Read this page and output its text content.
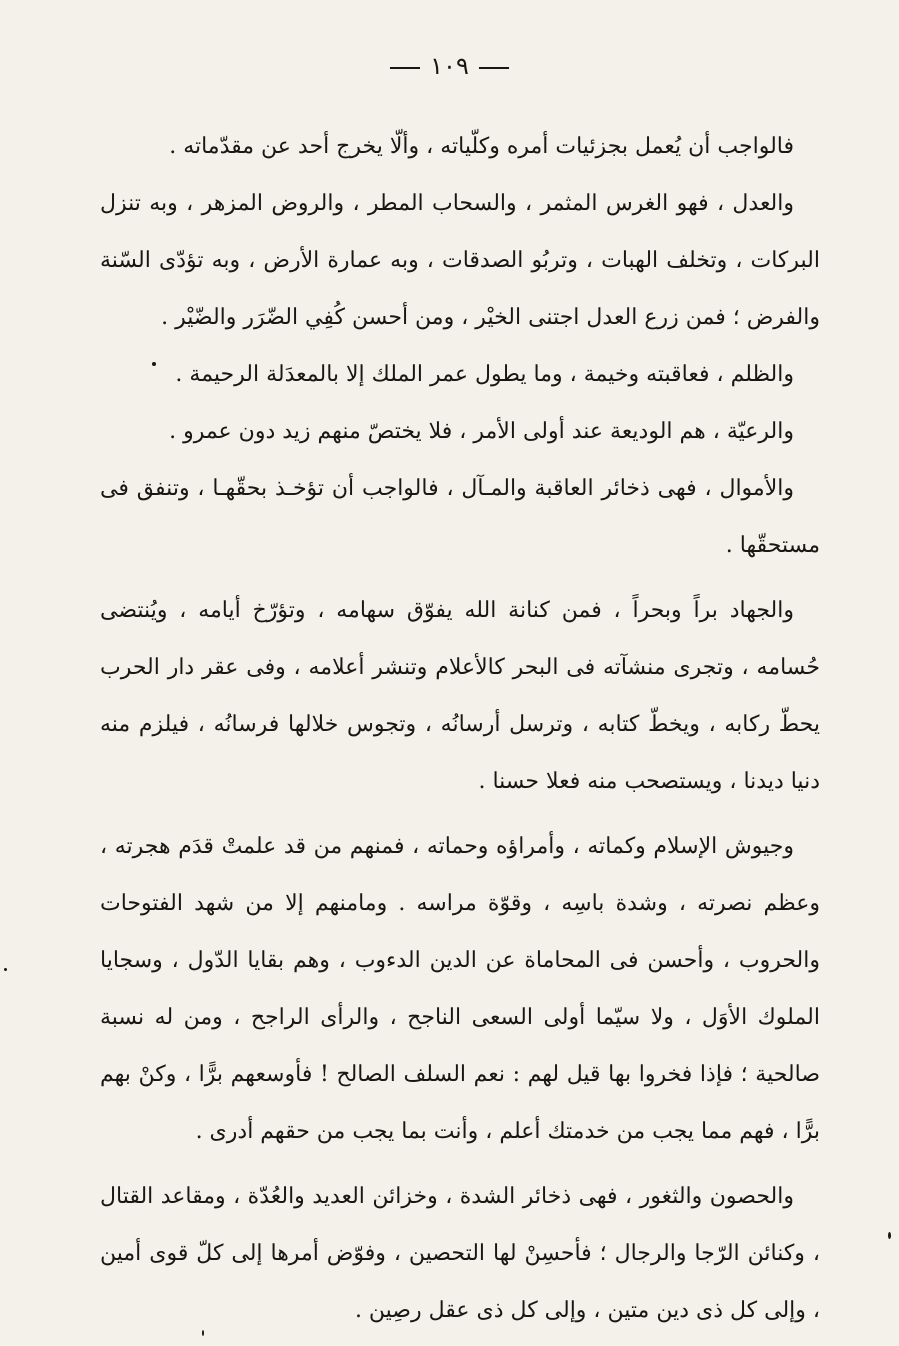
١٠٩

فالواجب أن يُعمل بجزئيات أمره وكلّياته ، وألّا يخرج أحد عن مقدّماته .

والعدل ، فهو الغرس المثمر ، والسحاب المطر ، والروض المزهر ، وبه تنزل البركات ، وتخلف الهبات ، وتربُو الصدقات ، وبه عمارة الأرض ، وبه تؤدّى السّنة والفرض ؛ فمن زرع العدل اجتنى الخيْر ، ومن أحسن كُفِي الضّرَر والضّيْر .

والظلم ، فعاقبته وخيمة ، وما يطول عمر الملك إلا بالمعدَلة الرحيمة .

والرعيّة ، هم الوديعة عند أولى الأمر ، فلا يختصّ منهم زيد دون عمرو .

والأموال ، فهى ذخائر العاقبة والمـآل ، فالواجب أن تؤخـذ بحقّهـا ، وتنفق فى مستحقّها .

والجهاد براً وبحراً ، فمن كنانة الله يفوّق سهامه ، وتؤرّخ أيامه ، ويُنتضى حُسامه ، وتجرى منشآته فى البحر كالأعلام وتنشر أعلامه ، وفى عقر دار الحرب يحطّ ركابه ، ويخطّ كتابه ، وترسل أرسانُه ، وتجوس خلالها فرسانُه ، فيلزم منه دنيا ديدنا ، ويستصحب منه فعلا حسنا .

وجيوش الإسلام وكماته ، وأمراؤه وحماته ، فمنهم من قد علمتْ قدَم هجرته ، وعظم نصرته ، وشدة باسِه ، وقوّة مراسه . ومامنهم إلا من شهد الفتوحات والحروب ، وأحسن فى المحاماة عن الدين الدءوب ، وهم بقايا الدّول ، وسجايا الملوك الأوَل ، ولا سيّما أولى السعى الناجح ، والرأى الراجح ، ومن له نسبة صالحية ؛ فإذا فخروا بها قيل لهم : نعم السلف الصالح ! فأوسعهم برًّا ، وكنْ بهم برًّا ، فهم مما يجب من خدمتك أعلم ، وأنت بما يجب من حقهم أدرى .

والحصون والثغور ، فهى ذخائر الشدة ، وخزائن العديد والعُدّة ، ومقاعد القتال ، وكنائن الرّجا والرجال ؛ فأحسِنْ لها التحصين ، وفوّض أمرها إلى كلّ قوى أمين ، وإلى كل ذى دين متين ، وإلى كل ذى عقل رصِين .
